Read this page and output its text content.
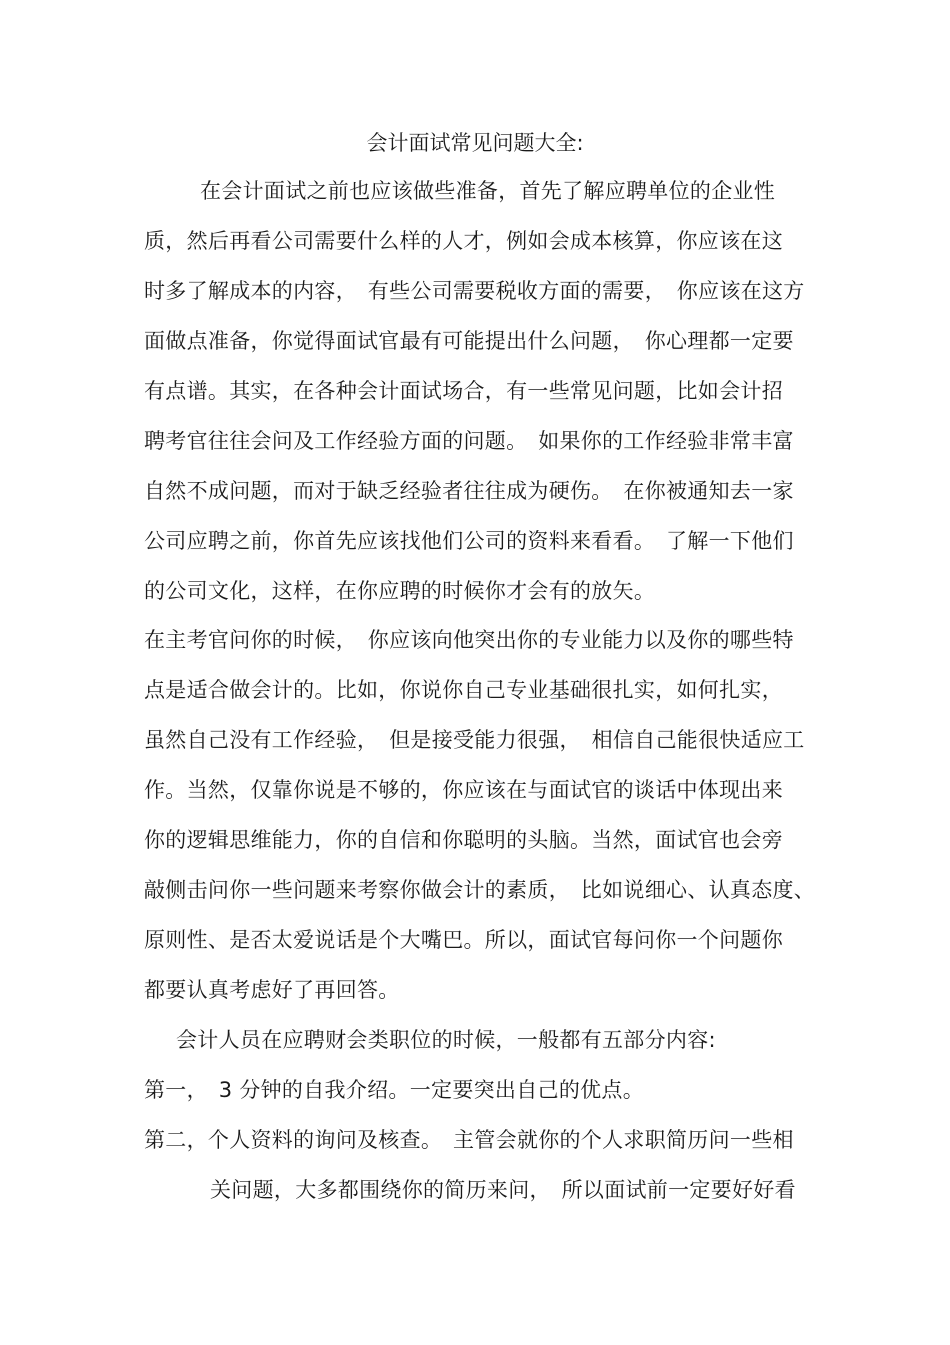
会计面试常见问题大全:
在会计面试之前也应该做些准备，首先了解应聘单位的企业性
质，然后再看公司需要什么样的人才，例如会成本核算，你应该在这
时多了解成本的内容，　有些公司需要税收方面的需要，　你应该在这方
面做点准备，你觉得面试官最有可能提出什么问题，　你心理都一定要
有点谱。其实，在各种会计面试场合，有一些常见问题，比如会计招
聘考官往往会问及工作经验方面的问题。　如果你的工作经验非常丰富
自然不成问题，而对于缺乏经验者往往成为硬伤。　在你被通知去一家
公司应聘之前，你首先应该找他们公司的资料来看看。　了解一下他们
的公司文化，这样，在你应聘的时候你才会有的放矢。
在主考官问你的时候，　你应该向他突出你的专业能力以及你的哪些特
点是适合做会计的。比如，你说你自己专业基础很扎实，如何扎实，
虽然自己没有工作经验，　但是接受能力很强，　相信自己能很快适应工
作。当然，仅靠你说是不够的，你应该在与面试官的谈话中体现出来
你的逻辑思维能力，你的自信和你聪明的头脑。当然，面试官也会旁
敲侧击问你一些问题来考察你做会计的素质，　比如说细心、认真态度、
原则性、是否太爱说话是个大嘴巴。所以，面试官每问你一个问题你
都要认真考虑好了再回答。
会计人员在应聘财会类职位的时候，一般都有五部分内容:
第一，　3 分钟的自我介绍。一定要突出自己的优点。
第二，个人资料的询问及核查。　主管会就你的个人求职简历问一些相
关问题，大多都围绕你的简历来问，　所以面试前一定要好好看
